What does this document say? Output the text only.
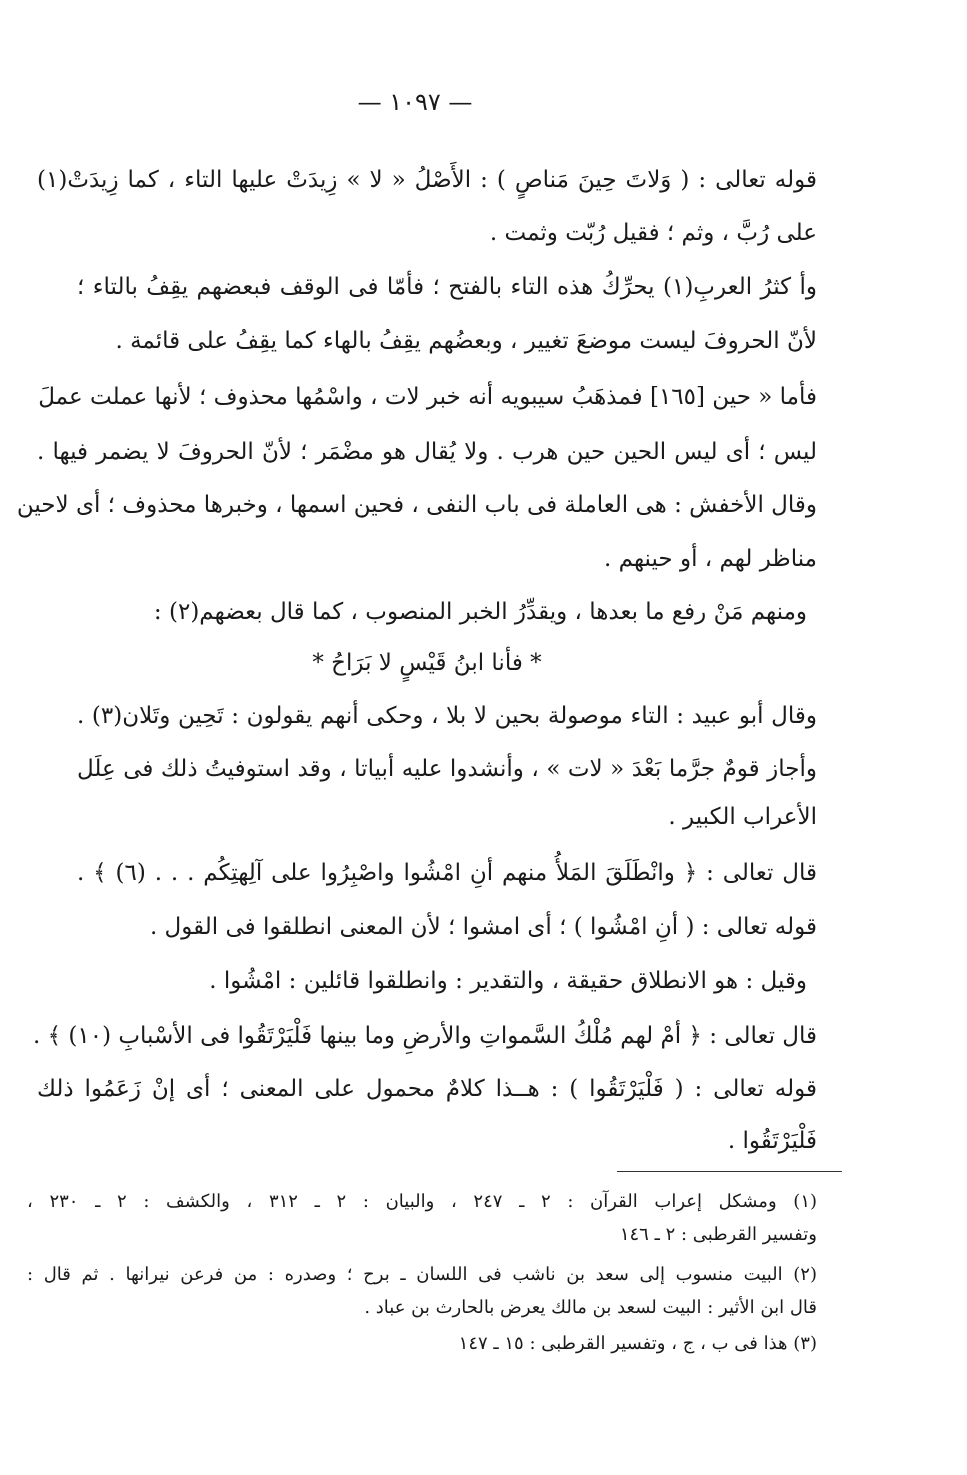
— ١٠٩٧ —
قوله تعالى : ( وَلاتَ حِينَ مَناصٍ ) : الأَصْلُ « لا » زِيدَتْ عليها التاء ، كما زِيدَتْ(١)
على رُبَّ ، وثم ؛ فقيل رُبّت وثمت .
وأ كثرُ العربِ(١) يحرِّكُ هذه التاء بالفتح ؛ فأمّا فى الوقف فبعضهم يقِفُ بالتاء ؛
لأنّ الحروفَ ليست موضعَ تغيير ، وبعضُهم يقِفُ بالهاء كما يقِفُ على قائمة .
فأما « حين [١٦٥] فمذهَبُ سيبويه أنه خبر لات ، واسْمُها محذوف ؛ لأنها عملت عملَ
ليس ؛ أى ليس الحين حين هرب . ولا يُقال هو مضْمَر ؛ لأنّ الحروفَ لا يضمر فيها .
وقال الأخفش : هى العاملة فى باب النفى ، فحين اسمها ، وخبرها محذوف ؛ أى لاحين
مناظر لهم ، أو حينهم .
ومنهم مَنْ رفع ما بعدها ، ويقدِّرُ الخبر المنصوب ، كما قال بعضهم(٢) :
* فأنا ابنُ قَيْسٍ لا بَرَاحُ *
وقال أبو عبيد : التاء موصولة بحين لا بلا ، وحكى أنهم يقولون : تَحِين وتَلان(٣) .
وأجاز قومٌ جرَّما بَعْدَ « لات » ، وأنشدوا عليه أبياتا ، وقد استوفيتُ ذلك فى عِلَل
الأعراب الكبير .
قال تعالى : ﴿ وانْطَلَقَ المَلأُ منهم أنِ امْشُوا واصْبِرُوا على آلِهتِكُم . . . (٦) ﴾ .
قوله تعالى : ( أنِ امْشُوا ) ؛ أى امشوا ؛ لأن المعنى انطلقوا فى القول .
وقيل : هو الانطلاق حقيقة ، والتقدير : وانطلقوا قائلين : امْشُوا .
قال تعالى : ﴿ أمْ لهم مُلْكُ السَّمواتِ والأرضِ وما بينها فَلْيَرْتَقُوا فى الأسْبابِ (١٠) ﴾ .
قوله تعالى : ( فَلْيَرْتَقُوا ) : هــذا كلامٌ محمول على المعنى ؛ أى إنْ زَعَمُوا ذلك
فَلْيَرْتَقُوا .
(١) ومشكل إعراب القرآن : ٢ ـ ٢٤٧ ، والبيان : ٢ ـ ٣١٢ ، والكشف : ٢ ـ ٢٣٠ ،
وتفسير القرطبى : ٢ ـ ١٤٦
(٢) البيت منسوب إلى سعد بن ناشب فى اللسان ـ برح ؛ وصدره : من فرعن نيرانها . ثم قال :
قال ابن الأثير : البيت لسعد بن مالك يعرض بالحارث بن عباد .
(٣) هذا فى ب ، ج ، وتفسير القرطبى : ١٥ ـ ١٤٧
